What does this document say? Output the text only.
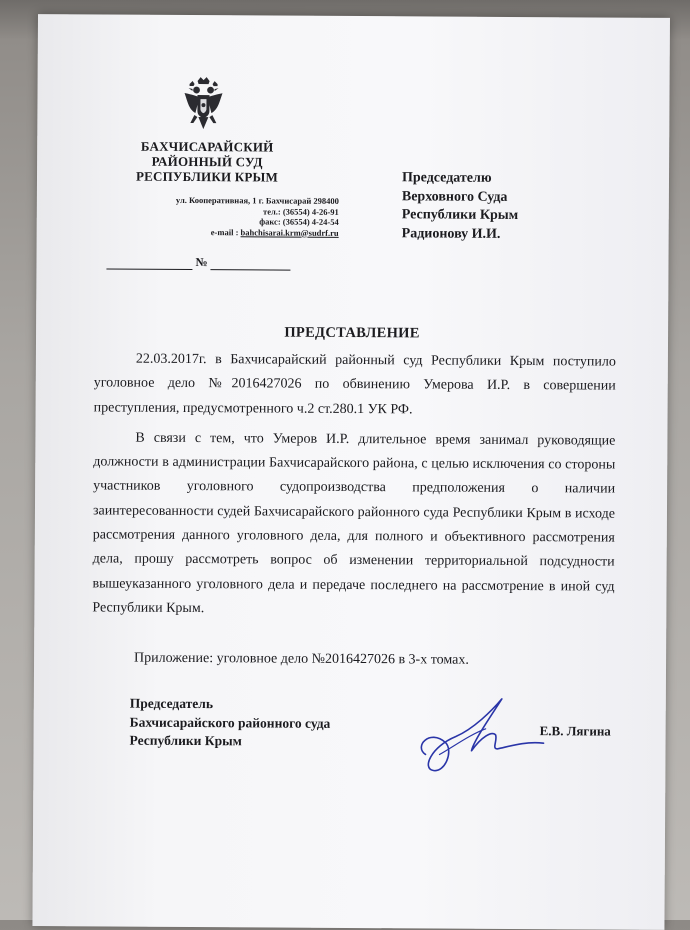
БАХЧИСАРАЙСКИЙ
РАЙОННЫЙ СУД
РЕСПУБЛИКИ КРЫМ
ул. Кооперативная, 1 г. Бахчисарай 298400
тел.: (36554) 4-26-91
факс: (36554) 4-24-54
e-mail : bahchisarai.krm@sudrf.ru
№
Председателю
Верховного Суда
Республики Крым
Радионову И.И.
ПРЕДСТАВЛЕНИЕ

22.03.2017г. в Бахчисарайский районный суд Республики Крым поступило уголовное дело №2016427026 по обвинению Умерова И.Р. в совершении преступления, предусмотренного ч.2 ст.280.1 УК РФ.

В связи с тем, что Умеров И.Р. длительное время занимал руководящие должности в администрации Бахчисарайского района, с целью исключения со стороны участников уголовного судопроизводства предположения о наличии заинтересованности судей Бахчисарайского районного суда Республики Крым в исходе рассмотрения данного уголовного дела, для полного и объективного рассмотрения дела, прошу рассмотреть вопрос об изменении территориальной подсудности вышеуказанного уголовного дела и передаче последнего на рассмотрение в иной суд Республики Крым.

Приложение: уголовное дело №2016427026 в 3-х томах.
Председатель
Бахчисарайского районного суда
Республики Крым
Е.В. Лягина
